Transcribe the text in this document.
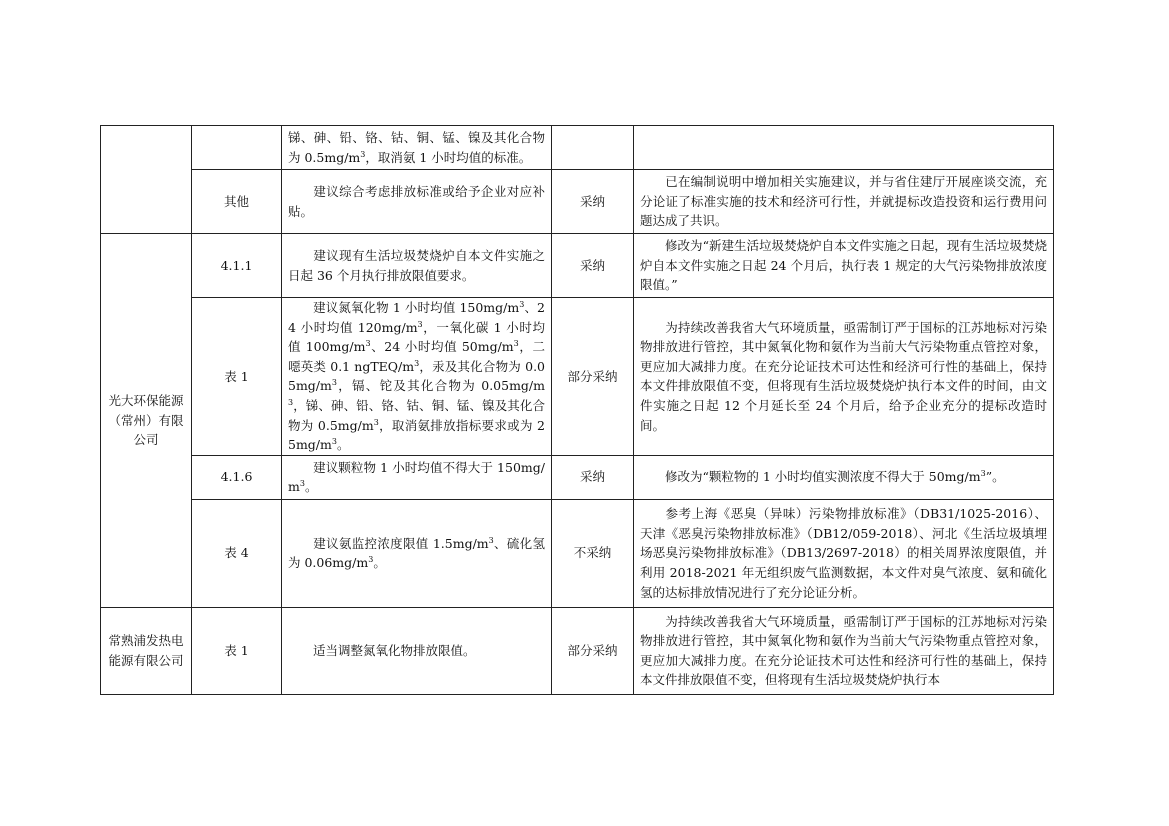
		锑、砷、铅、铬、钴、铜、锰、镍及其化合物为 $0.5mg/m^3$，取消氨 1 小时均值的标准。		
	其他	建议综合考虑排放标准或给予企业对应补贴。	采纳	已在编制说明中增加相关实施建议，并与省住建厅开展座谈交流，充分论证了标准实施的技术和经济可行性，并就提标改造投资和运行费用问题达成了共识。
光大环保能源（常州）有限公司	4.1.1	建议现有生活垃圾焚烧炉自本文件实施之日起 36 个月执行排放限值要求。	采纳	修改为“新建生活垃圾焚烧炉自本文件实施之日起，现有生活垃圾焚烧炉自本文件实施之日起 24 个月后，执行表 1 规定的大气污染物排放浓度限值。”
	表 1	建议氮氧化物 1 小时均值 $150mg/m^3$、24 小时均值 $120mg/m^3$，一氧化碳 1 小时均值 $100mg/m^3$、24 小时均值 $50mg/m^3$，二噁英类 0.1 ngTEQ/$m^3$，汞及其化合物为 $0.05mg/m^3$，镉、铊及其化合物为 $0.05mg/m^3$，锑、砷、铅、铬、钴、铜、锰、镍及其化合物为 $0.5mg/m^3$，取消氨排放指标要求或为 $25mg/m^3$。	部分采纳	为持续改善我省大气环境质量，亟需制订严于国标的江苏地标对污染物排放进行管控，其中氮氧化物和氨作为当前大气污染物重点管控对象，更应加大减排力度。在充分论证技术可达性和经济可行性的基础上，保持本文件排放限值不变，但将现有生活垃圾焚烧炉执行本文件的时间，由文件实施之日起 12 个月延长至 24 个月后，给予企业充分的提标改造时间。
	4.1.6	建议颗粒物 1 小时均值不得大于 $150mg/m^3$。	采纳	修改为“颗粒物的 1 小时均值实测浓度不得大于 $50mg/m^3$”。
	表 4	建议氨监控浓度限值 $1.5mg/m^3$、硫化氢为 $0.06mg/m^3$。	不采纳	参考上海《恶臭（异味）污染物排放标准》（DB31/1025-2016）、天津《恶臭污染物排放标准》（DB12/059-2018）、河北《生活垃圾填埋场恶臭污染物排放标准》（DB13/2697-2018）的相关周界浓度限值，并利用 2018-2021 年无组织废气监测数据，本文件对臭气浓度、氨和硫化氢的达标排放情况进行了充分论证分析。
常熟浦发热电能源有限公司	表 1	适当调整氮氧化物排放限值。	部分采纳	为持续改善我省大气环境质量，亟需制订严于国标的江苏地标对污染物排放进行管控，其中氮氧化物和氨作为当前大气污染物重点管控对象，更应加大减排力度。在充分论证技术可达性和经济可行性的基础上，保持本文件排放限值不变，但将现有生活垃圾焚烧炉执行本
